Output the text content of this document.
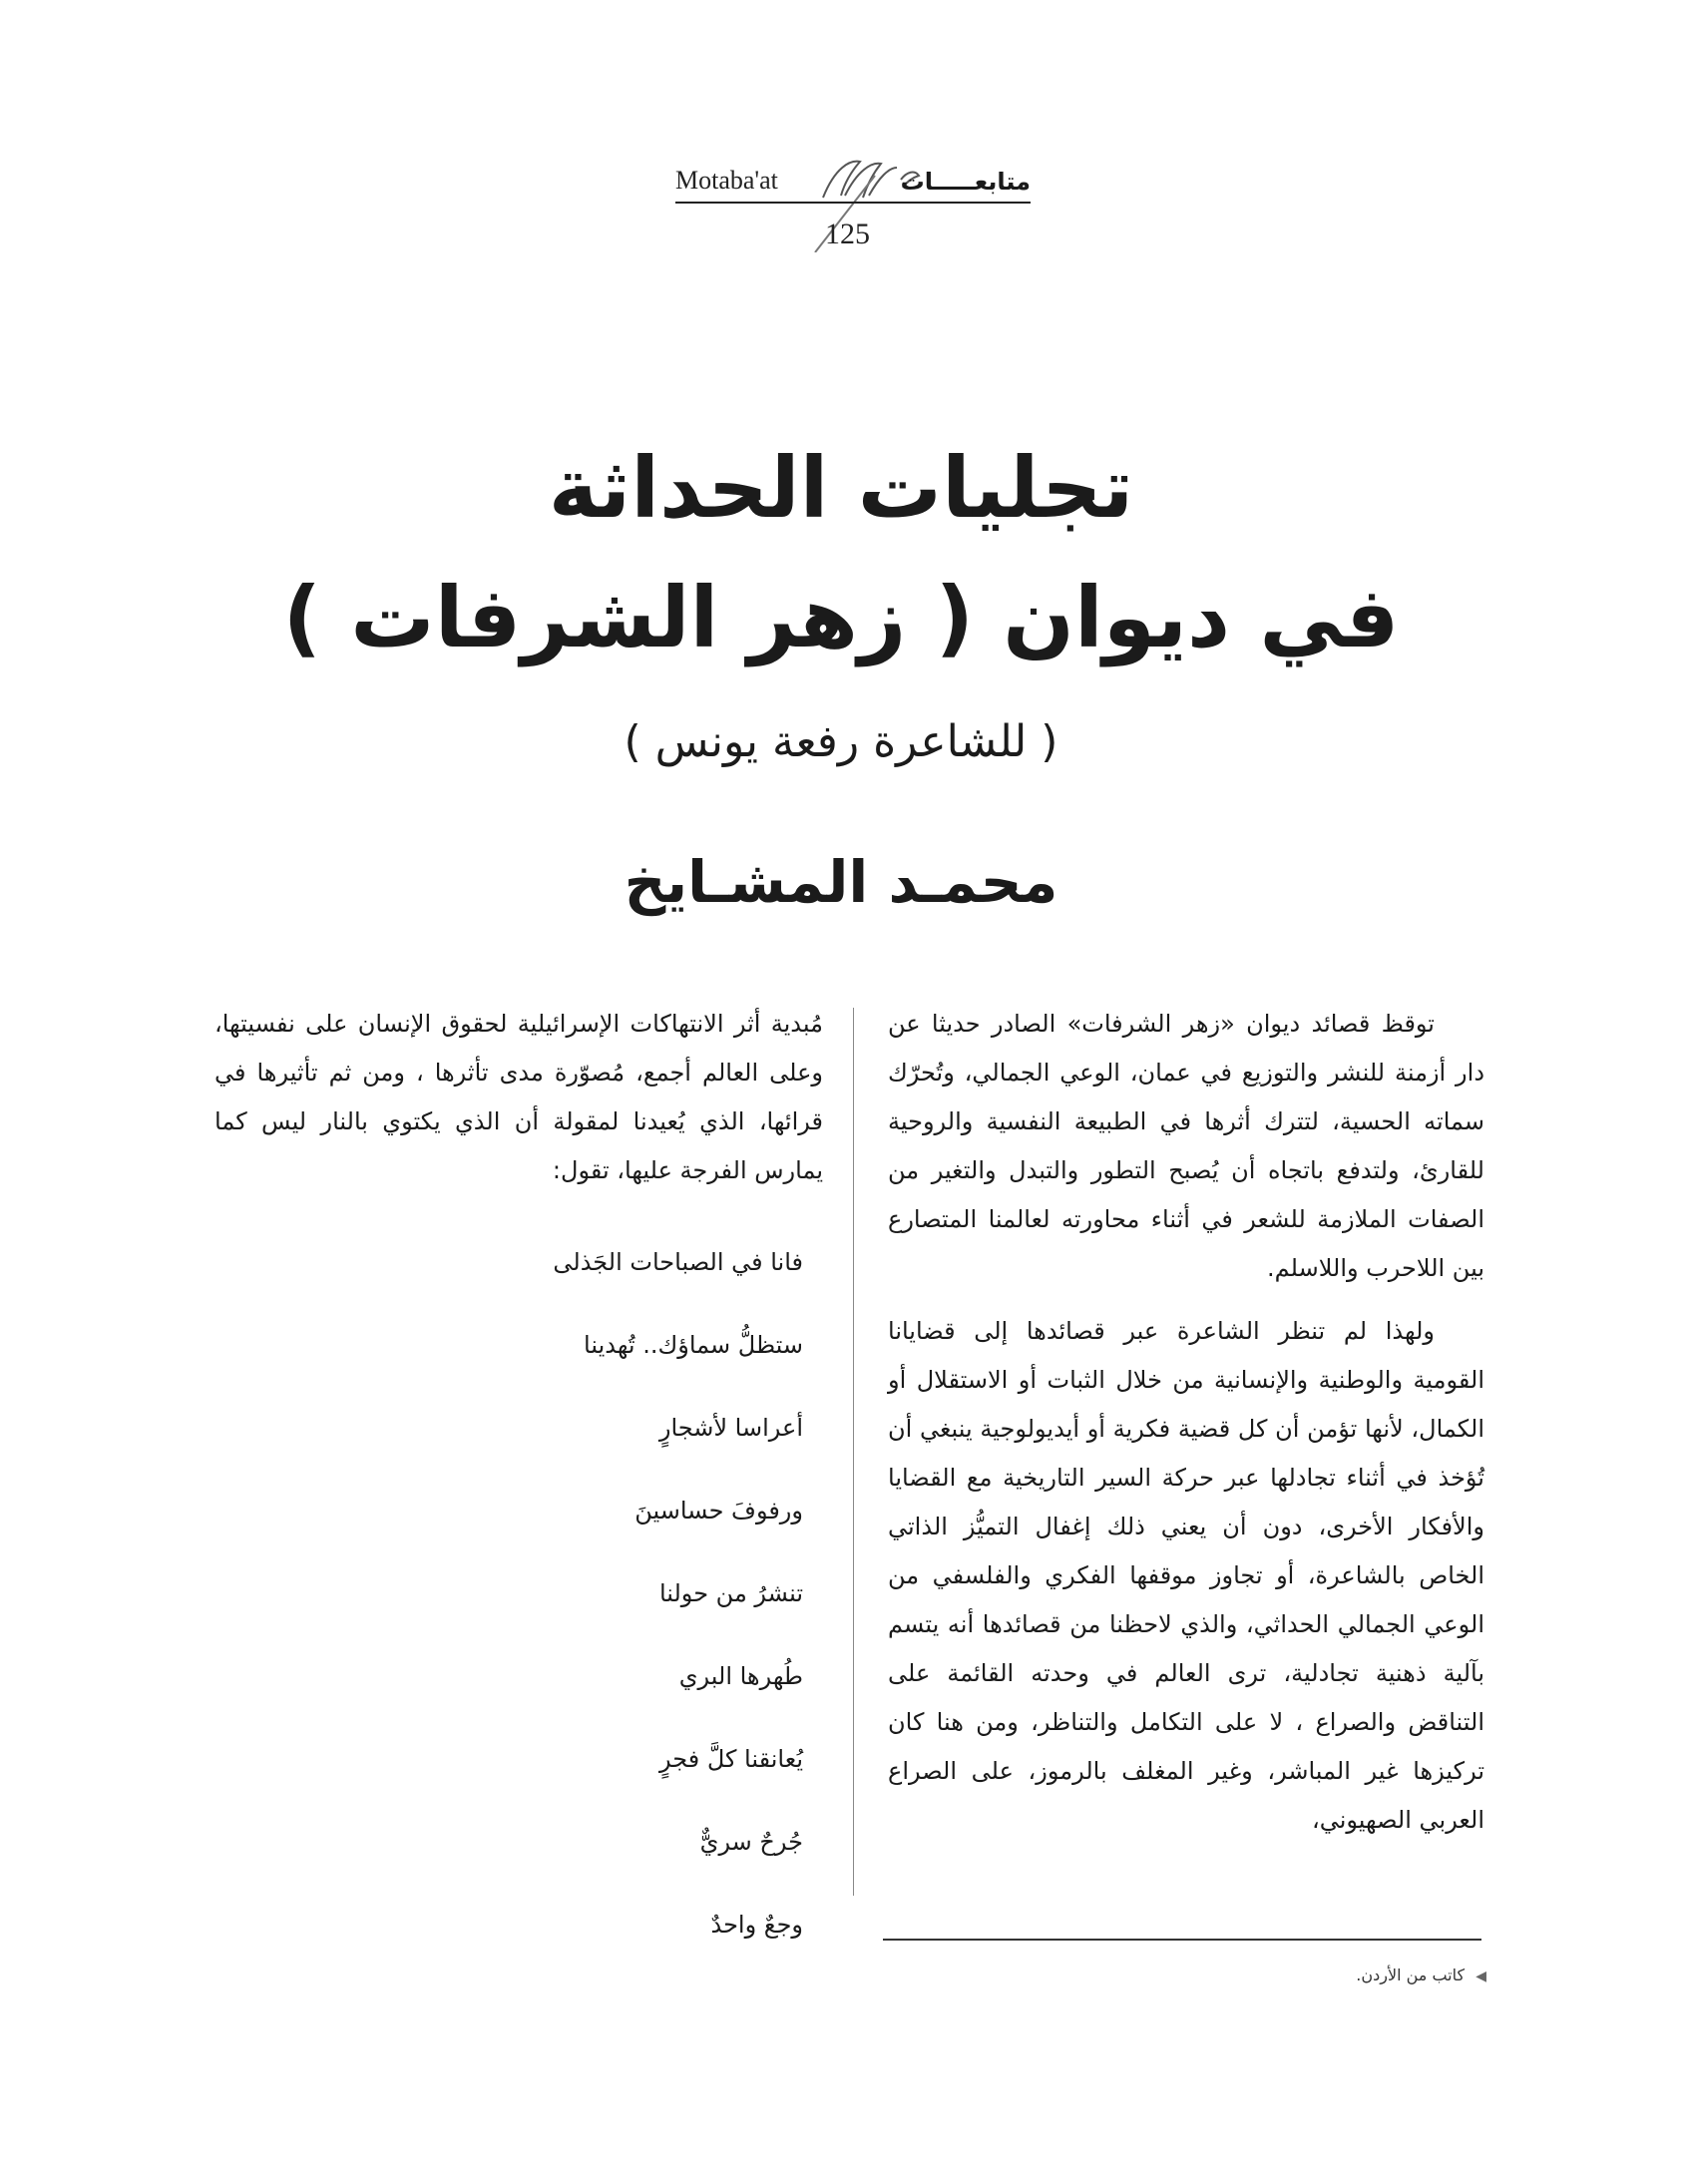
Motaba'at	متابعـــــات
125
تجليات الحداثة
في ديوان ( زهر الشرفات )
( للشاعرة رفعة يونس )
محمـد المشـايخ

توقظ قصائد ديوان «زهر الشرفات» الصادر حديثا عن دار أزمنة للنشر والتوزيع في عمان، الوعي الجمالي، وتُحرّك سماته الحسية، لتترك أثرها في الطبيعة النفسية والروحية للقارئ، ولتدفع باتجاه أن يُصبح التطور والتبدل والتغير من الصفات الملازمة للشعر في أثناء محاورته لعالمنا المتصارع بين اللاحرب واللاسلم.

ولهذا لم تنظر الشاعرة عبر قصائدها إلى قضايانا القومية والوطنية والإنسانية من خلال الثبات أو الاستقلال أو الكمال، لأنها تؤمن أن كل قضية فكرية أو أيديولوجية ينبغي أن تُؤخذ في أثناء تجادلها عبر حركة السير التاريخية مع القضايا والأفكار الأخرى، دون أن يعني ذلك إغفال التميُّز الذاتي الخاص بالشاعرة، أو تجاوز موقفها الفكري والفلسفي من الوعي الجمالي الحداثي، والذي لاحظنا من قصائدها أنه يتسم بآلية ذهنية تجادلية، ترى العالم في وحدته القائمة على التناقض والصراع ، لا على التكامل والتناظر، ومن هنا كان تركيزها غير المباشر، وغير المغلف بالرموز، على الصراع العربي الصهيوني،

مُبدية أثر الانتهاكات الإسرائيلية لحقوق الإنسان على نفسيتها، وعلى العالم أجمع، مُصوّرة مدى تأثرها ، ومن ثم تأثيرها في قرائها، الذي يُعيدنا لمقولة أن الذي يكتوي بالنار ليس كما يمارس الفرجة عليها، تقول:

فانا في الصباحات الجَذلى
ستظلُّ سماؤك.. تُهدينا
أعراسا لأشجارٍ
ورفوفَ حساسينَ
تنشرُ من حولنا
طُهرها البري
يُعانقنا كلَّ فجرٍ
جُرحٌ سريٌّ
وجعٌ واحدٌ
◀ كاتب من الأردن.
